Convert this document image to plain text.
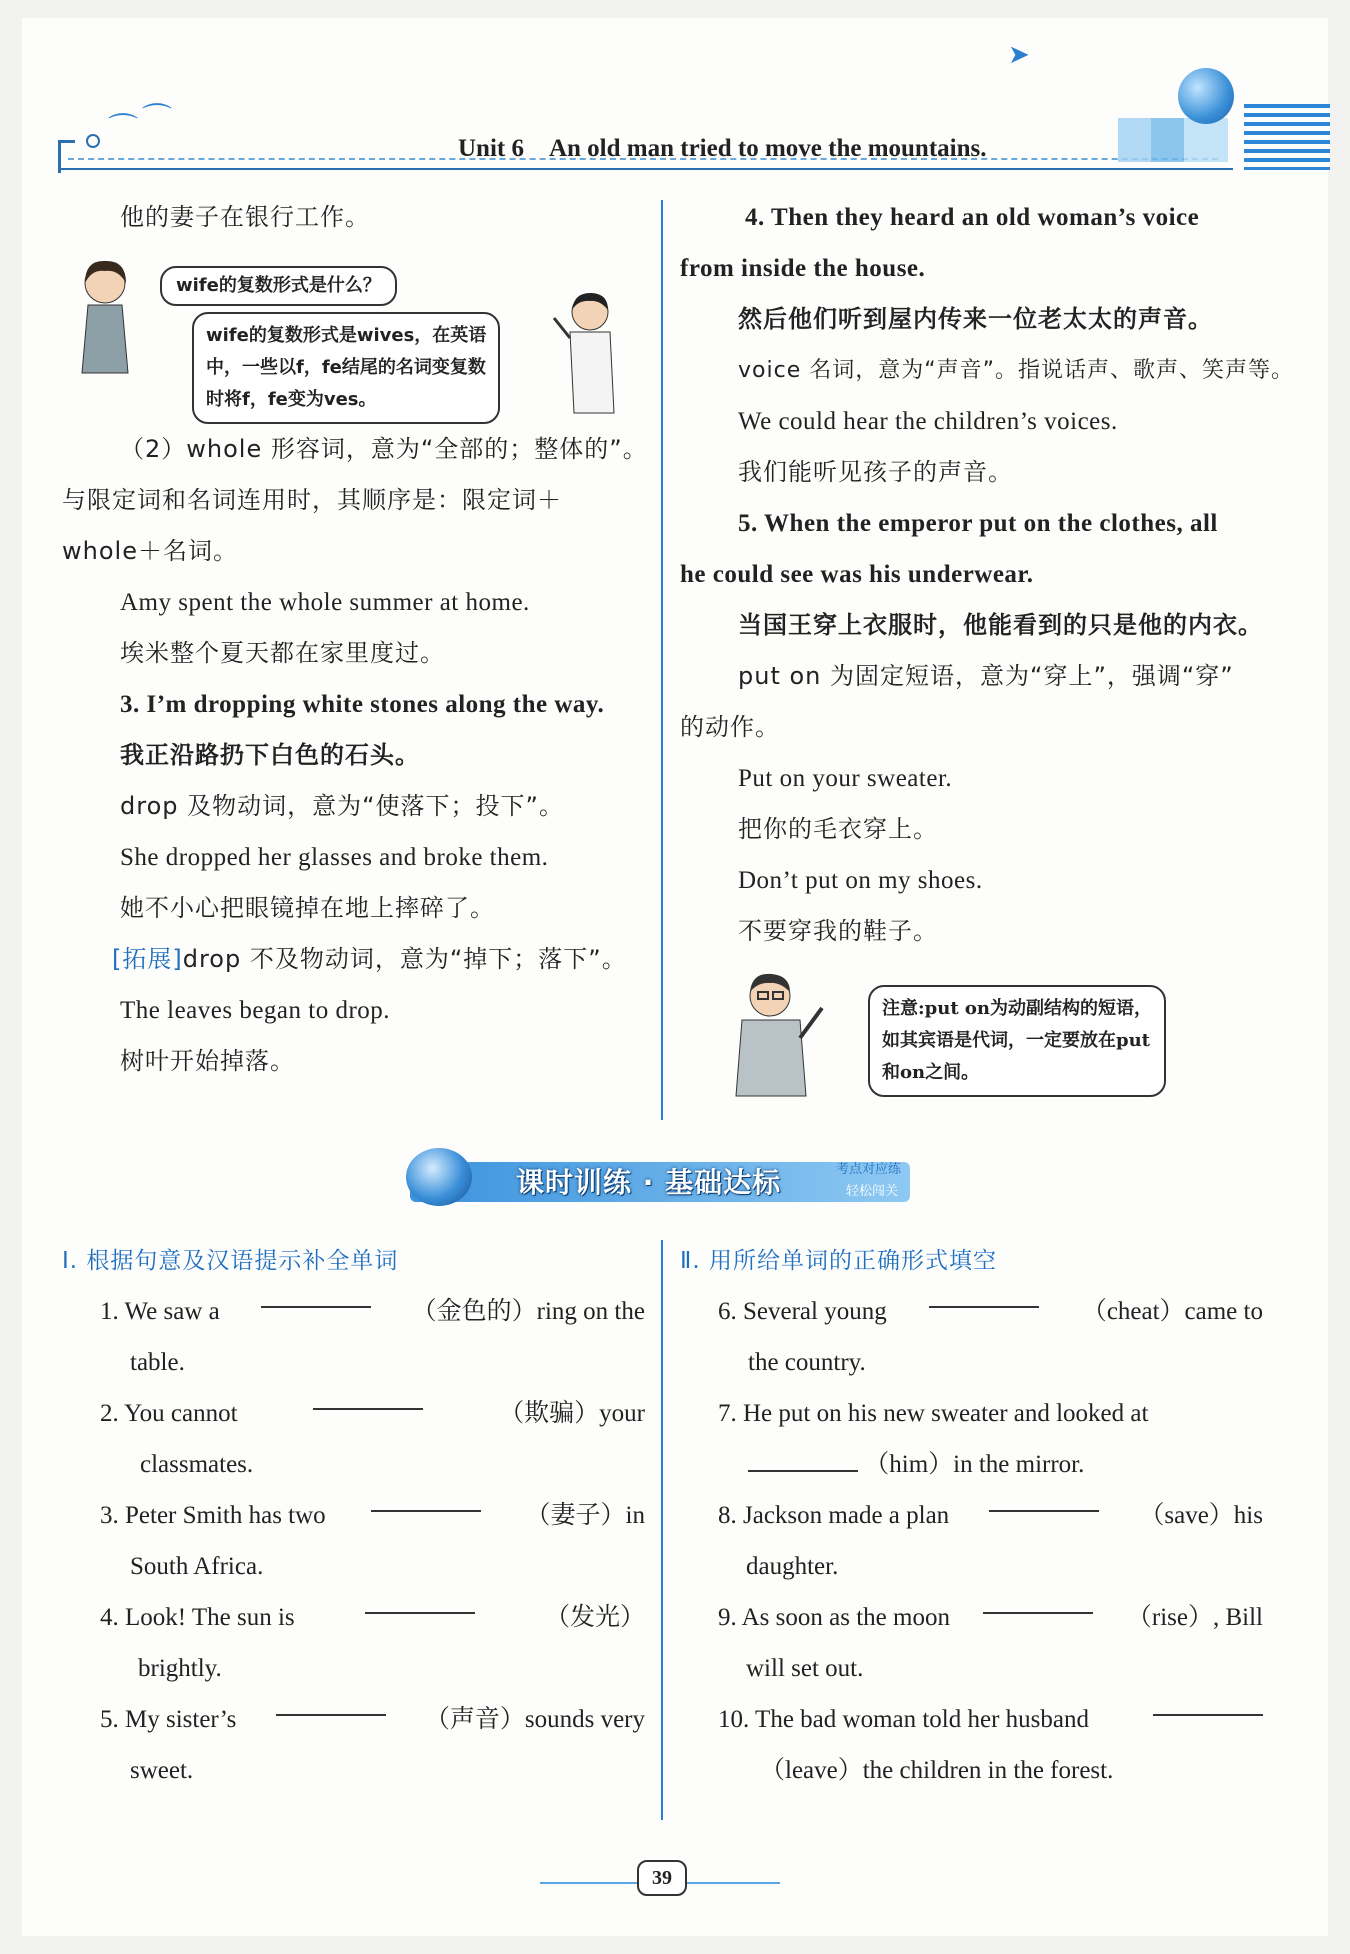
⌒ ⌒
Unit 6　An old man tried to move the mountains.
➤

他的妻子在银行工作。

wife的复数形式是什么？
wife的复数形式是wives，在英语
中，一些以f，fe结尾的名词变复数
时将f，fe变为ves。

（2）whole 形容词，意为“全部的；整体的”。

与限定词和名词连用时，其顺序是：限定词＋

whole＋名词。

Amy spent the whole summer at home.

埃米整个夏天都在家里度过。

3. I’m dropping white stones along the way.

我正沿路扔下白色的石头。

drop 及物动词，意为“使落下；投下”。

She dropped her glasses and broke them.

她不小心把眼镜掉在地上摔碎了。

[拓展]drop 不及物动词，意为“掉下；落下”。

The leaves began to drop.

树叶开始掉落。

4. Then they heard an old woman’s voice

from inside the house.

然后他们听到屋内传来一位老太太的声音。

voice 名词，意为“声音”。指说话声、歌声、笑声等。

We could hear the children’s voices.

我们能听见孩子的声音。

5. When the emperor put on the clothes, all

he could see was his underwear.

当国王穿上衣服时，他能看到的只是他的内衣。

put on 为固定短语，意为“穿上”，强调“穿”

的动作。

Put on your sweater.

把你的毛衣穿上。

Don’t put on my shoes.

不要穿我的鞋子。

注意:put on为动副结构的短语，
如其宾语是代词，一定要放在put
和on之间。
课时训练 · 基础达标	考点对应练
轻松闯关
Ⅰ. 根据句意及汉语提示补全单词

1. We saw a	（金色的）ring on the

table.

2. You cannot	（欺骗）your

classmates.

3. Peter Smith has two	（妻子）in

South Africa.

4. Look! The sun is	（发光）

brightly.

5. My sister’s	（声音）sounds very

sweet.

Ⅱ. 用所给单词的正确形式填空

6. Several young	（cheat）came to

the country.

7. He put on his new sweater and looked at

（him）in the mirror.

8. Jackson made a plan	（save）his

daughter.

9. As soon as the moon	（rise）, Bill

will set out.

10. The bad woman told her husband

（leave）the children in the forest.

39
